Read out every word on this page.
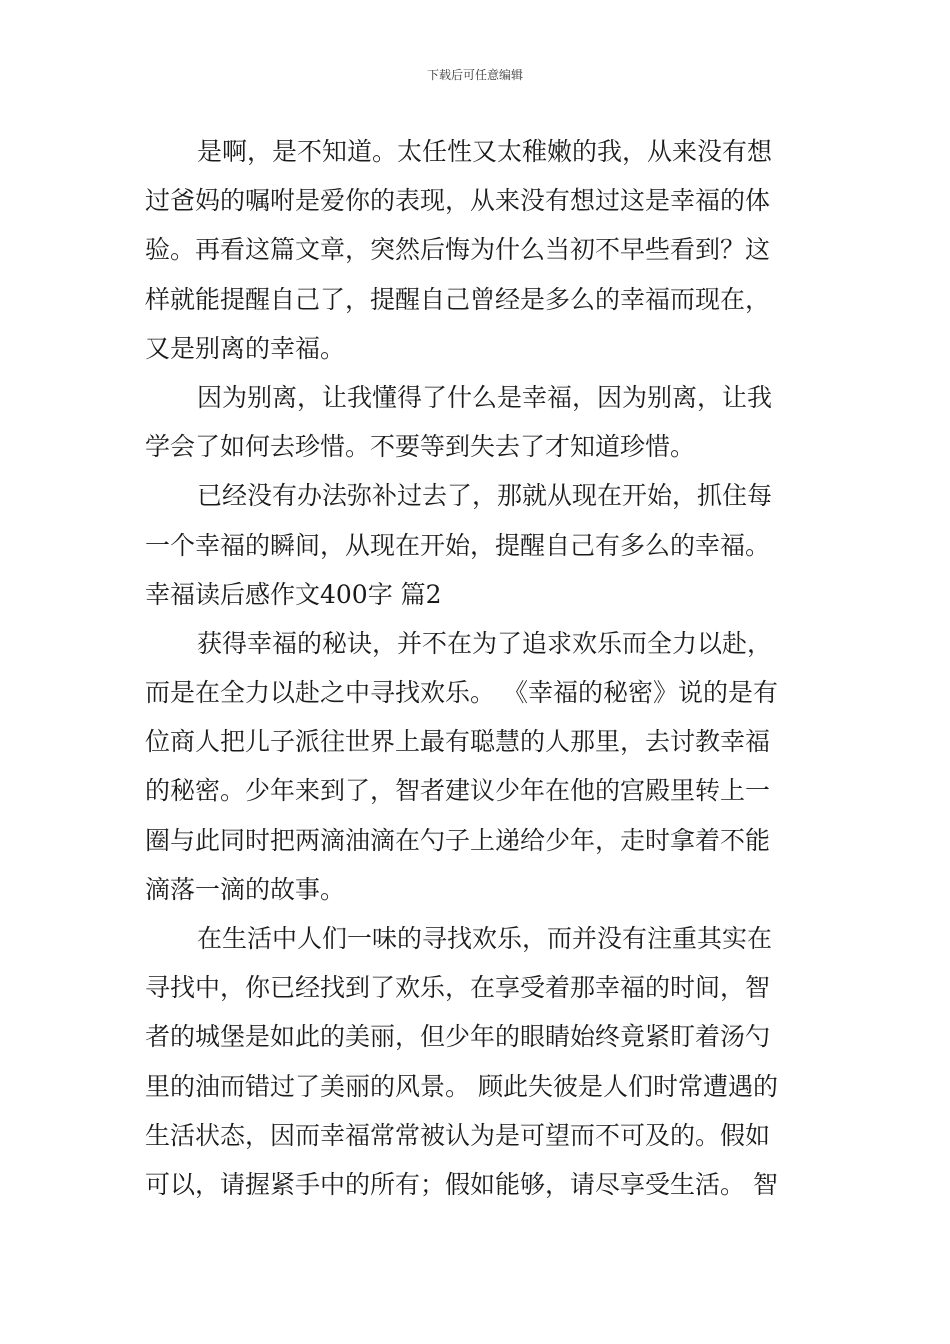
下载后可任意编辑
是啊，是不知道。太任性又太稚嫩的我，从来没有想
过爸妈的嘱咐是爱你的表现，从来没有想过这是幸福的体
验。再看这篇文章，突然后悔为什么当初不早些看到？这
样就能提醒自己了，提醒自己曾经是多么的幸福而现在，
又是别离的幸福。
因为别离，让我懂得了什么是幸福，因为别离，让我
学会了如何去珍惜。不要等到失去了才知道珍惜。
已经没有办法弥补过去了，那就从现在开始，抓住每
一个幸福的瞬间，从现在开始，提醒自己有多么的幸福。
幸福读后感作文400字 篇2
获得幸福的秘诀，并不在为了追求欢乐而全力以赴，
而是在全力以赴之中寻找欢乐。 《幸福的秘密》说的是有
位商人把儿子派往世界上最有聪慧的人那里，去讨教幸福
的秘密。少年来到了，智者建议少年在他的宫殿里转上一
圈与此同时把两滴油滴在勺子上递给少年，走时拿着不能
滴落一滴的故事。
在生活中人们一味的寻找欢乐，而并没有注重其实在
寻找中，你已经找到了欢乐，在享受着那幸福的时间，智
者的城堡是如此的美丽，但少年的眼睛始终竟紧盯着汤勺
里的油而错过了美丽的风景。 顾此失彼是人们时常遭遇的
生活状态，因而幸福常常被认为是可望而不可及的。假如
可以，请握紧手中的所有；假如能够，请尽享受生活。 智
